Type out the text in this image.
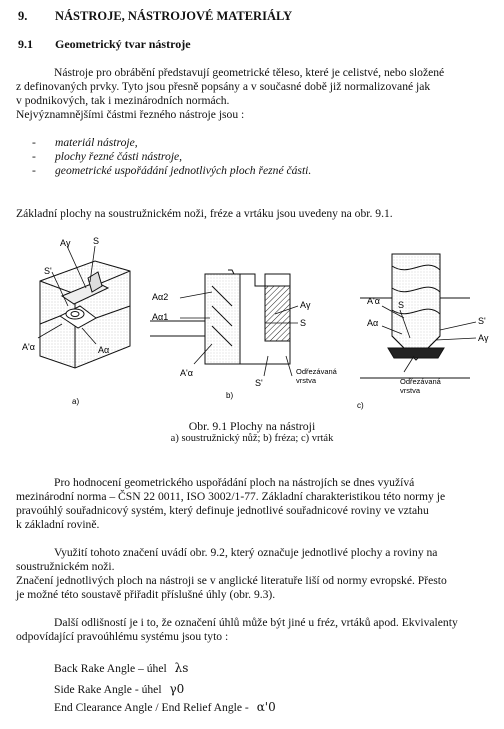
9. NÁSTROJE, NÁSTROJOVÉ MATERIÁLY
9.1 Geometrický tvar nástroje
Nástroje pro obrábění představují geometrické těleso, které je celistvé, nebo složené
z definovaných prvky. Tyto jsou přesně popsány a v současné době již normalizované jak
v podnikových, tak i mezinárodních normách.
Nejvýznamnějšími částmi řezného nástroje jsou :
- materiál nástroje,
- plochy řezné části nástroje,
- geometrické uspořádání jednotlivých ploch řezné části.
Základní plochy na soustružnickém noži, fréze a vrtáku jsou uvedeny na obr. 9.1.
Aγ S
S'
A'α	Aα
a)
Aα2
Aα1
Aγ
S
A'α
S'
Odřezávaná
vrstva
b)
A'α
Aα
S
S'
Aγ
Odřezávaná
vrstva
c)
Obr. 9.1 Plochy na nástroji
a) soustružnický nůž; b) fréza; c) vrták
Pro hodnocení geometrického uspořádání ploch na nástrojích se dnes využívá
mezinárodní norma – ČSN 22 0011, ISO 3002/1-77. Základní charakteristikou této normy je
pravoúhlý souřadnicový systém, který definuje jednotlivé souřadnicové roviny ve vztahu
k základní rovině.
Využití tohoto značení uvádí obr. 9.2, který označuje jednotlivé plochy a roviny na
soustružnickém noži.
Značení jednotlivých ploch na nástroji se v anglické literatuře liší od normy evropské. Přesto
je možné této soustavě přiřadit příslušné úhly (obr. 9.3).
Další odlišností je i to, že označení úhlů může být jiné u fréz, vrtáků apod. Ekvivalenty
odpovídající pravoúhlému systému jsou tyto :
Back Rake Angle – úhel λs
Side Rake Angle - úhel γ0
End Clearance Angle / End Relief Angle - α'0
